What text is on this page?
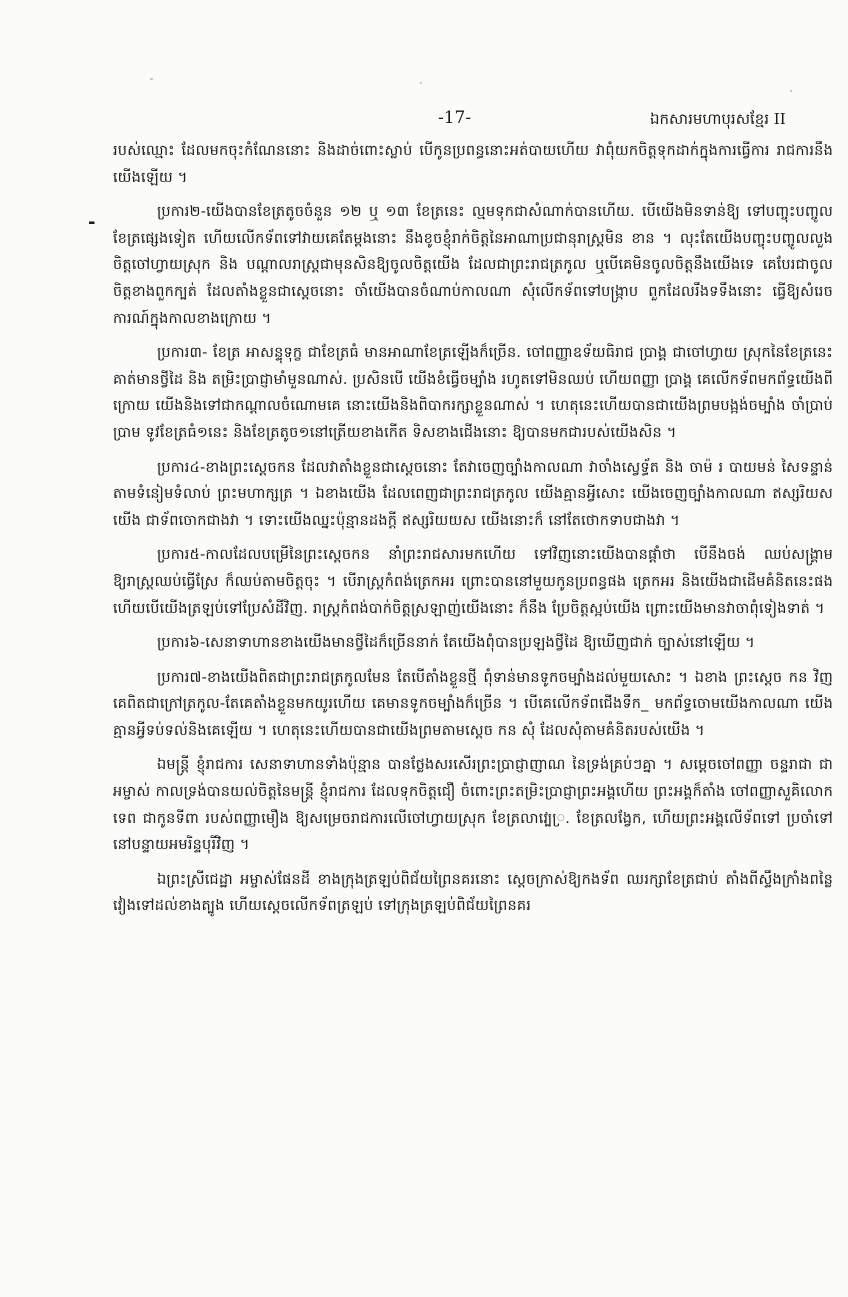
-17-	ឯកសារមហាបុរសខ្មែរ II
-

របស់ឈ្មោះ ដែលមកចុះកំណែននោះ និងដាច់ពោះស្លាប់ បើកូនប្រពន្ធនោះអត់បាយហើយ វាពុំយកចិត្តទុកដាក់ក្នុងការធ្វើការ រាជការនឹងយើងឡើយ ។

ប្រការ២-យើងបានខែត្រតូចចំនួន ១២ ឬ ១៣ ខែត្រនេះ ល្មមទុកជាសំណាក់បានហើយ. បើយើងមិនទាន់ឱ្យ ទៅបញ្ចុះបញ្ចូលខែត្រផ្សេងទៀត ហើយលើកទ័ពទៅវាយគេតែម្តងនោះ នឹងខូចខ្ញុំរាក់ចិត្តនៃអាណាប្រជានុរាស្ត្រមិន ខាន ។ លុះតែយើងបញ្ចុះបញ្ចូលលួងចិត្តចៅហ្វាយស្រុក និង បណ្តាលរាស្ត្រជាមុនសិនឱ្យចូលចិត្តយើង ដែលជាព្រះរាជត្រកូល ឬបើគេមិនចូលចិត្តនឹងយើងទេ គេបែរជាចូលចិត្តខាងពួកក្បត់ ដែលតាំងខ្លួនជាស្តេចនោះ ចាំយើងបានចំណាប់កាលណា សុំលើកទ័ពទៅបង្ក្រាប ពួកដែលរឹងទទឹងនោះ ធ្វើឱ្យសំរេចការណ៍ក្នុងកាលខាងក្រោយ ។

ប្រការ៣- ខែត្រ អាសន្ទុទុក្ខ ជាខែត្រធំ មានអាណាខែត្រឡើងក៏ច្រើន. ចៅពញ្ញាឧទ័យធិរាជ ប្រាង្គ ជាចៅហ្វាយ ស្រុកនៃខែត្រនេះ គាត់មានថ្វីដៃ និង តម្រិះប្រាជ្ញាមាំមួនណាស់. ប្រសិនបើ យើងខំធ្វើចម្បាំង រហូតទៅមិនឈប់ ហើយពញ្ញា ប្រាង្គ គេលើកទ័ពមកព័ទ្ធយើងពីក្រោយ យើងនិងទៅជាកណ្តាលចំណោមគេ នោះយើងនិងពិបាករក្សាខ្លួនណាស់ ។ ហេតុនេះហើយបានជាយើងព្រមបង្អង់ចម្បាំង ចាំប្រាប់ប្រាម ទូវខែត្រធំ១នេះ និងខែត្រតូច១នៅត្រើយខាងកើត ទិសខាងជើងនោះ ឱ្យបានមកជារបស់យើងសិន ។

ប្រការ៤-ខាងព្រះស្តេចកន ដែលវាតាំងខ្លួនជាស្តេចនោះ តែវាចេញច្បាំងកាលណា វាចាំងស្វេទ្ធ័ត និង ចាម៉ រ បាយមន់ សៃទន្ទាន់ តាមទំនៀមទំលាប់ ព្រះមហាក្សត្រ ។ ឯខាងយើង ដែលពេញជាព្រះរាជត្រកូល យើងគ្មានអ្វីសោះ យើងចេញច្បាំងកាលណា ឥស្សរិយសយើង ជាទ័ពចោកជាងវា ។ ទោះយើងឈ្នះប៉ុន្មានដងក្តី ឥស្សរិយយស យើងនោះក៏ នៅតែថោកទាបជាងវា ។

ប្រការ៥-កាលដែលបម្រើនៃព្រះស្តេចកន នាំព្រះរាជសារមកហើយ ទៅវិញនោះយើងបានផ្តាំថា បើនឹងចង់ ឈប់សង្គ្រាម ឱ្យរាស្ត្រឈប់ធ្វើស្រែ ក៏ឈប់តាមចិត្តចុះ ។ បើរាស្ត្រកំពង់ត្រេកអរ ព្រោះបាននៅមួយកូនប្រពន្ធផង ត្រេកអរ និងយើងជាដើមគំនិតនេះផង ហើយបើយើងត្រឡប់ទៅប្រែសំដីវិញ. រាស្ត្រកំពង់បាក់ចិត្តស្រឡាញ់យើងនោះ ក៏នឹង ប្រែចិត្តស្អប់យើង ព្រោះយើងមានវាចាពុំទៀងទាត់ ។

ប្រការ៦-សេនាទាហានខាងយើងមានថ្វីដៃក៏ច្រើននាក់ តែយើងពុំបានប្រឡងថ្វីដៃ ឱ្យឃើញជាក់ ច្បាស់នៅឡើយ ។

ប្រការ៧-ខាងយើងពិតជាព្រះរាជត្រកូលមែន តែបើតាំងខ្លួនថ្មី ពុំទាន់មានទូកចម្បាំងដល់មួយសោះ ។ ឯខាង ព្រះស្តេច កន វិញ គេពិតជាក្រៅត្រកូល-តែគេតាំងខ្លួនមកយូរហើយ គេមានទូកចម្បាំងក៏ច្រើន ។ បើគេលើកទ័ពជើងទឹក_ មកព័ទ្ធចោមយើងកាលណា យើងគ្មានអ្វីទប់ទល់និងគេឡើយ ។ ហេតុនេះហើយបានជាយើងព្រមតាមស្តេច កន សុំ ដែលសុំតាមគំនិតរបស់យើង ។

ឯមន្ត្រី ខ្ញុំរាជការ សេនាទាហានទាំងប៉ុន្មាន បានថ្លែងសរសើរព្រះប្រាជ្ញាញាណ នៃទ្រង់គ្រប់ៗគ្នា ។ សម្តេចចៅពញ្ញា ចន្ទរាជា ជាអម្ចាស់ កាលទ្រង់បានយល់ចិត្តនៃមន្ត្រី ខ្ញុំរាជការ ដែលទុកចិត្តជឿ ចំពោះព្រះតម្រិះប្រាជ្ញាព្រះអង្គហើយ ព្រះអង្គក៏តាំង ចៅពញ្ញាសួគិលោក ទេព ជាកូនទីពា របស់ពញ្ញាមឿង ឱ្យសម្រេចរាជការលើចៅហ្វាយស្រុក ខែត្រលាវេ្ប្រ. ខែត្រលង្វែក, ហើយព្រះអង្គលើទ័ពទៅ ប្រចាំទៅនៅបន្ទាយអមរិន្ទបុរីវិញ ។

ឯព្រះស្រីជេដ្ឋា អម្ចាស់ផែនដី ខាងក្រុងត្រឡប់ពិជ័យព្រៃនគរនោះ ស្តេចក្រាស់ឱ្យកងទ័ព ឈរក្សាខែត្រជាប់ តាំងពីស្ទឹងក្រាំងពន្លៃ វៀងទៅដល់ខាងត្បូង ហើយស្តេចលើកទ័ពត្រឡប់ ទៅក្រុងត្រឡប់ពិជ័យព្រៃនគរ
